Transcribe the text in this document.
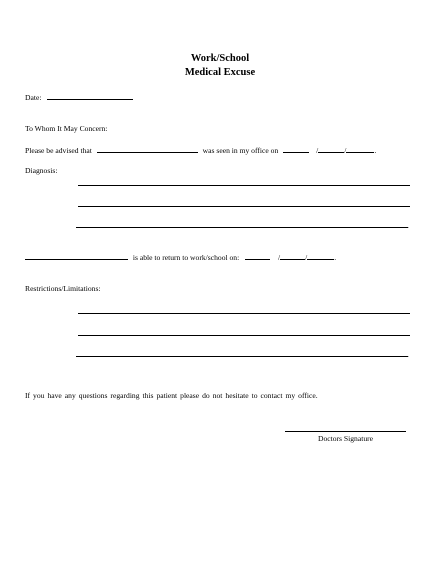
Work/School
Medical Excuse
Date:
To Whom It May Concern:
Please be advised that	was seen in my office on	/	/	.
Diagnosis:
.
is able to return to work/school on:	/	/	.
Restrictions/Limitations:
.
If you have any questions regarding this patient please do not hesitate to contact my office.
Doctors Signature
